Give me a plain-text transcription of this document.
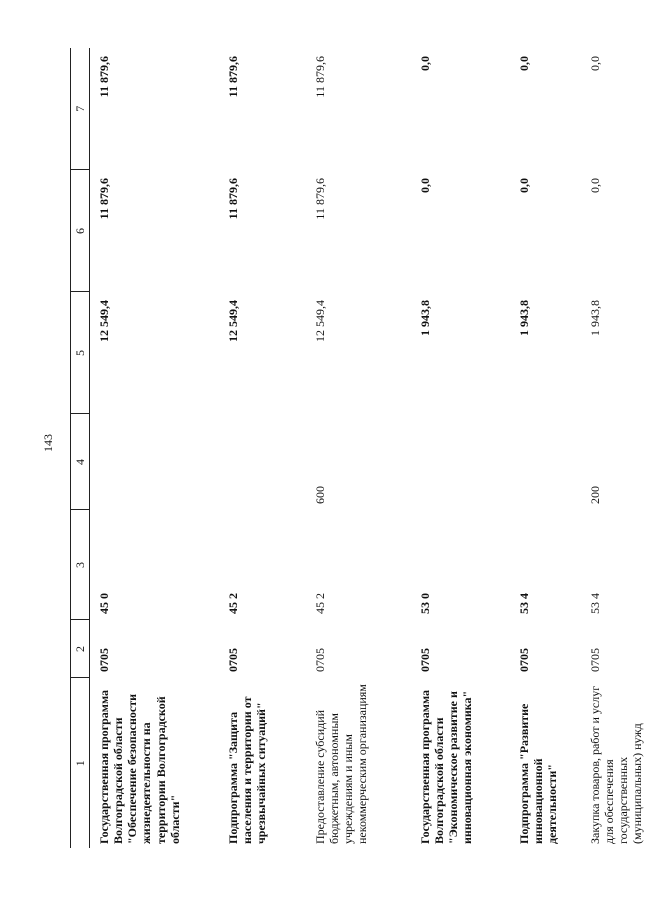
143
1	2	3	4	5	6	7
Государственная программа Волгоградской области "Обеспечение безопасности жизнедеятельности на территории Волгоградской области"	0705	45 0		12 549,4	11 879,6	11 879,6
Подпрограмма "Защита населения и территории от чрезвычайных ситуаций"	0705	45 2		12 549,4	11 879,6	11 879,6
Предоставление субсидий бюджетным, автономным учреждениям и иным некоммерческим организациям	0705	45 2	600	12 549,4	11 879,6	11 879,6
Государственная программа Волгоградской области "Экономическое развитие и инновационная экономика"	0705	53 0		1 943,8	0,0	0,0
Подпрограмма "Развитие инновационной деятельности"	0705	53 4		1 943,8	0,0	0,0
Закупка товаров, работ и услуг для обеспечения государственных (муниципальных) нужд	0705	53 4	200	1 943,8	0,0	0,0
